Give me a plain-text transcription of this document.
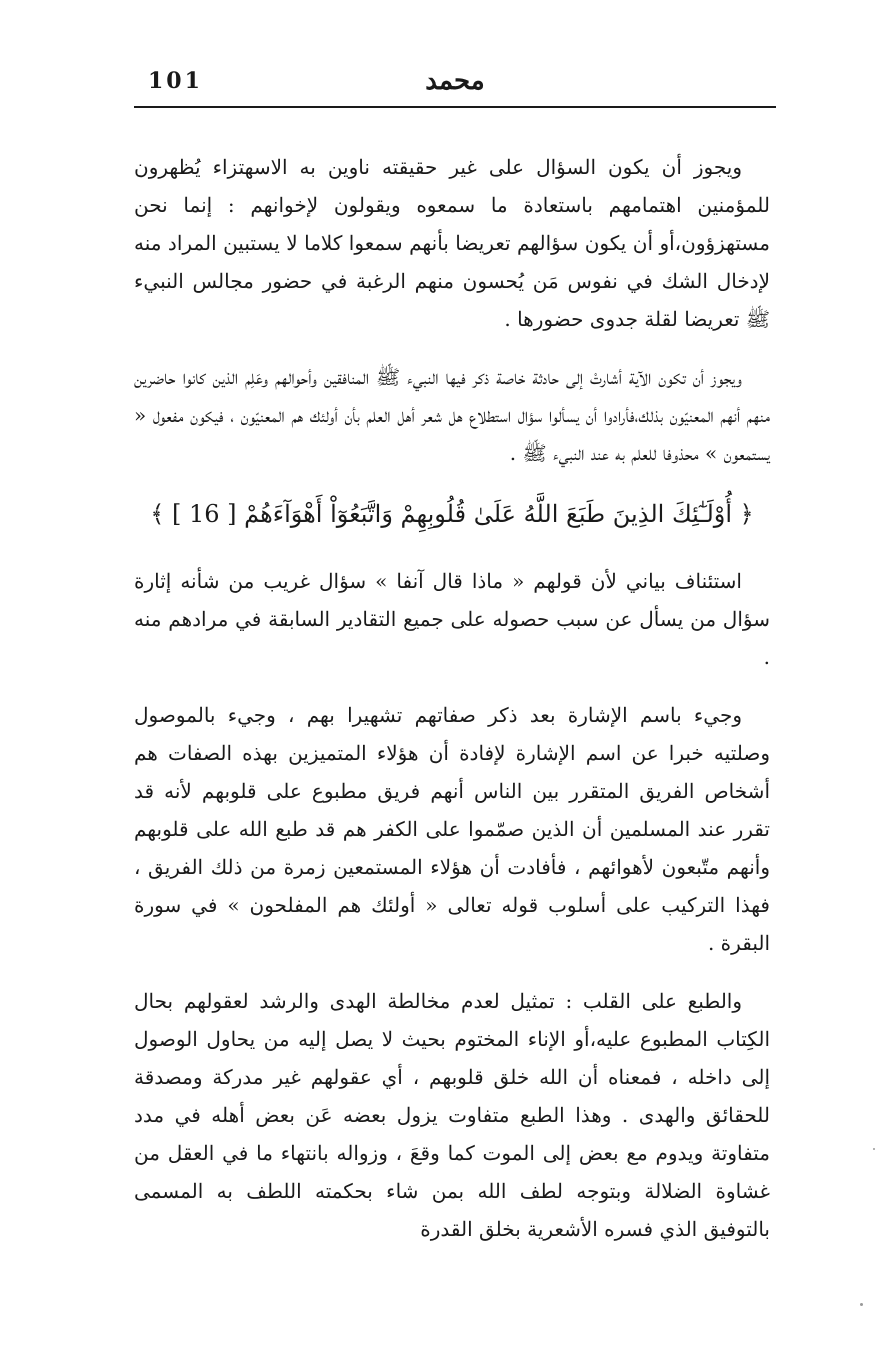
101	محمد

ويجوز أن يكون السؤال على غير حقيقته ناوين به الاسهتزاء يُظهرون للمؤمنين اهتمامهم باستعادة ما سمعوه ويقولون لإخوانهم : إنما نحن مستهزؤون،أو أن يكون سؤالهم تعريضا بأنهم سمعوا كلاما لا يستبين المراد منه لإدخال الشك في نفوس مَن يُحسون منهم الرغبة في حضور مجالس النبيء ﷺ تعريضا لقلة جدوى حضورها .

ويجوز أن تكون الآية أشارتْ إلى حادثة خاصة ذكر فيها النبيء ﷺ المنافقين وأحوالهم وعَلِم الذين كانوا حاضرين منهم أنهم المعنيّون بذلك،فأرادوا أن يسألوا سؤال استطلاع هل شعر أهل العلم بأن أولئك هم المعنيّون ، فيكون مفعول « يستمعون » محذوفا للعلم به عند النبيء ﷺ .

﴿ أُوْلَـٰٓئِكَ الذِينَ طَبَعَ اللَّهُ عَلَىٰ قُلُوبِهِمْ وَاتَّبَعُوٓاْ أَهْوَآءَهُمْ [ 16 ] ﴾

استئناف بياني لأن قولهم « ماذا قال آنفا » سؤال غريب من شأنه إثارة سؤال من يسأل عن سبب حصوله على جميع التقادير السابقة في مرادهم منه .

وجيء باسم الإشارة بعد ذكر صفاتهم تشهيرا بهم ، وجيء بالموصول وصلتيه خبرا عن اسم الإشارة لإفادة أن هؤلاء المتميزين بهذه الصفات هم أشخاص الفريق المتقرر بين الناس أنهم فريق مطبوع على قلوبهم لأنه قد تقرر عند المسلمين أن الذين صمّموا على الكفر هم قد طبع الله على قلوبهم وأنهم متّبعون لأهوائهم ، فأفادت أن هؤلاء المستمعين زمرة من ذلك الفريق ، فهذا التركيب على أسلوب قوله تعالى « أولئك هم المفلحون » في سورة البقرة .

والطبع على القلب : تمثيل لعدم مخالطة الهدى والرشد لعقولهم بحال الكِتاب المطبوع عليه،أو الإناء المختوم بحيث لا يصل إليه من يحاول الوصول إلى داخله ، فمعناه أن الله خلق قلوبهم ، أي عقولهم غير مدركة ومصدقة للحقائق والهدى . وهذا الطبع متفاوت يزول بعضه عَن بعض أهله في مدد متفاوتة ويدوم مع بعض إلى الموت كما وقعَ ، وزواله بانتهاء ما في العقل من غشاوة الضلالة وبتوجه لطف الله بمن شاء بحكمته اللطف به المسمى بالتوفيق الذي فسره الأشعرية بخلق القدرة
